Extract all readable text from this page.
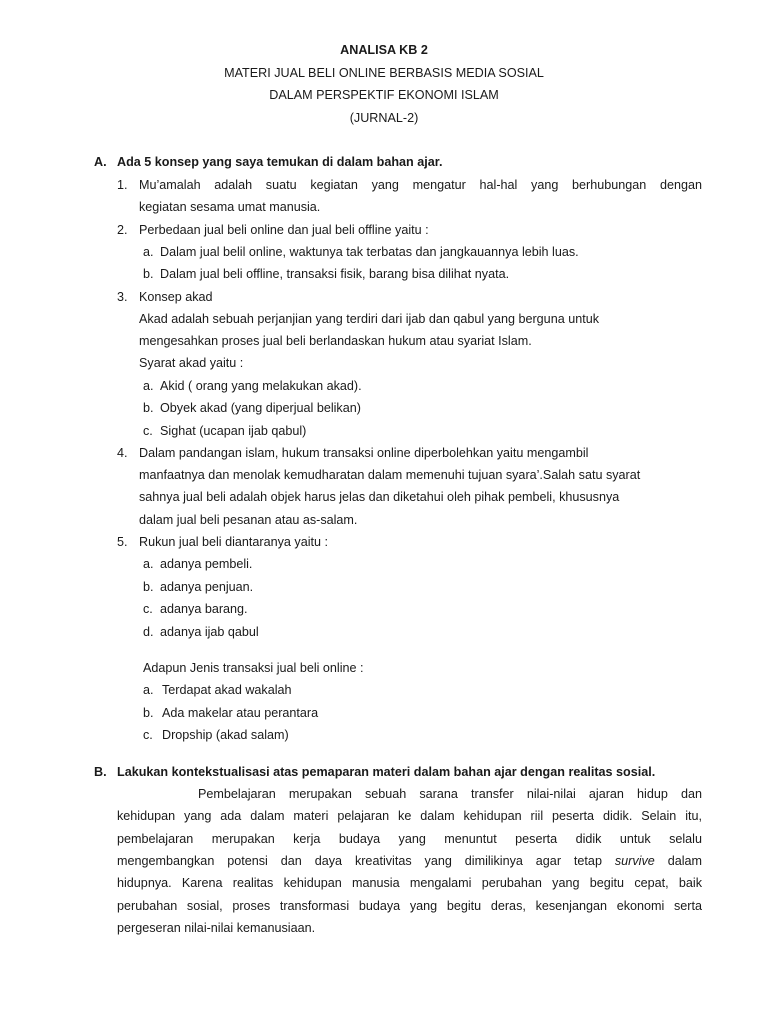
ANALISA KB 2
MATERI JUAL BELI ONLINE BERBASIS MEDIA SOSIAL
DALAM PERSPEKTIF EKONOMI ISLAM
(JURNAL-2)
A. Ada 5 konsep yang saya temukan di dalam bahan ajar.
1. Mu’amalah adalah suatu kegiatan yang mengatur hal-hal yang berhubungan dengan
kegiatan sesama umat manusia.
2. Perbedaan jual beli online dan jual beli offline yaitu :
a. Dalam jual belil online, waktunya tak terbatas dan jangkauannya lebih luas.
b. Dalam jual beli offline, transaksi fisik, barang bisa dilihat nyata.
3. Konsep akad
Akad adalah sebuah perjanjian yang terdiri dari ijab dan qabul yang berguna untuk
mengesahkan proses jual beli berlandaskan hukum atau syariat Islam.
Syarat akad yaitu :
a. Akid ( orang yang melakukan akad).
b. Obyek akad (yang diperjual belikan)
c. Sighat (ucapan ijab qabul)
4. Dalam pandangan islam, hukum transaksi online diperbolehkan yaitu mengambil
manfaatnya dan menolak kemudharatan dalam memenuhi tujuan syara’.Salah satu syarat
sahnya jual beli adalah objek harus jelas dan diketahui oleh pihak pembeli, khususnya
dalam jual beli pesanan atau as-salam.
5. Rukun jual beli diantaranya yaitu :
a. adanya pembeli.
b. adanya penjuan.
c. adanya barang.
d. adanya ijab qabul
Adapun Jenis transaksi jual beli online :
a. Terdapat akad wakalah
b. Ada makelar atau perantara
c. Dropship (akad salam)
B. Lakukan kontekstualisasi atas pemaparan materi dalam bahan ajar dengan realitas sosial.
Pembelajaran merupakan sebuah sarana transfer nilai-nilai ajaran hidup dan
kehidupan yang ada dalam materi pelajaran ke dalam kehidupan riil peserta didik. Selain itu,
pembelajaran merupakan kerja budaya yang menuntut peserta didik untuk selalu
mengembangkan potensi dan daya kreativitas yang dimilikinya agar tetap survive dalam
hidupnya. Karena realitas kehidupan manusia mengalami perubahan yang begitu cepat, baik
perubahan sosial, proses transformasi budaya yang begitu deras, kesenjangan ekonomi serta
pergeseran nilai-nilai kemanusiaan.
